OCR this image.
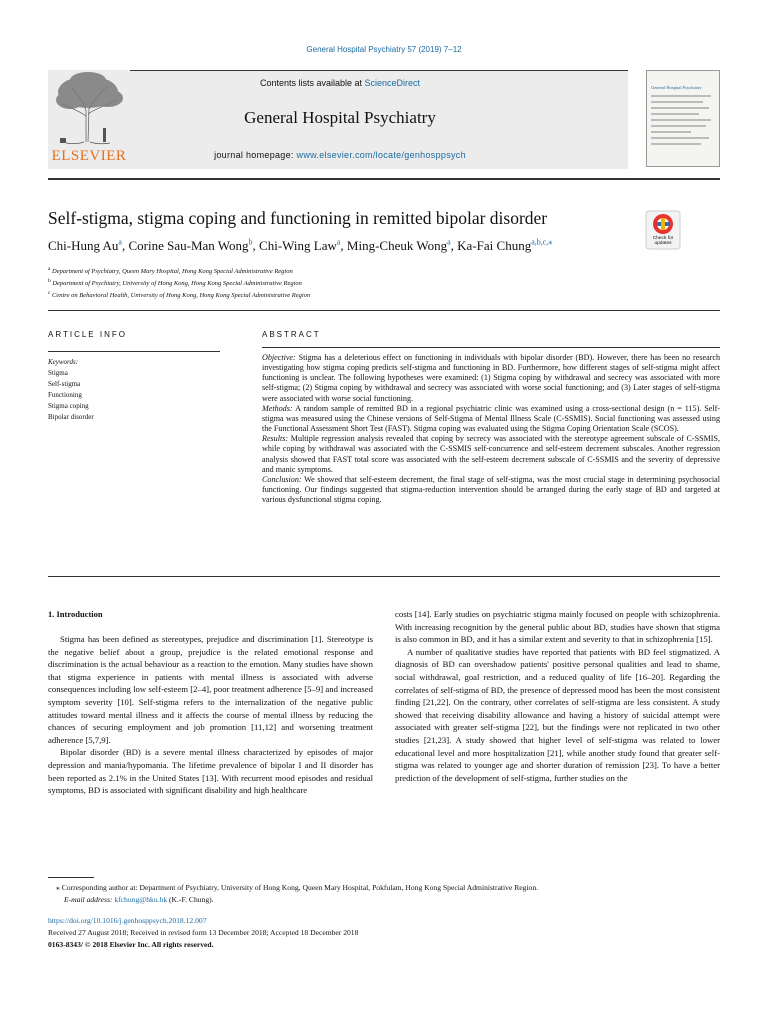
General Hospital Psychiatry 57 (2019) 7–12
ELSEVIER
Contents lists available at ScienceDirect
General Hospital Psychiatry
journal homepage: www.elsevier.com/locate/genhosppsych
General Hospital Psychiatry
Self-stigma, stigma coping and functioning in remitted bipolar disorder
Check for updates
Chi-Hung Au$^a$, Corine Sau-Man Wong$^b$, Chi-Wing Law$^a$, Ming-Cheuk Wong$^a$, Ka-Fai Chung$^{a,b,c,⁎}$
$^a$ Department of Psychiatry, Queen Mary Hospital, Hong Kong Special Administrative Region
$^b$ Department of Psychiatry, University of Hong Kong, Hong Kong Special Administrative Region
$^c$ Centre on Behavioral Health, University of Hong Kong, Hong Kong Special Administrative Region
ARTICLE INFO
Keywords:
Stigma
Self-stigma
Functioning
Stigma coping
Bipolar disorder
ABSTRACT

Objective: Stigma has a deleterious effect on functioning in individuals with bipolar disorder (BD). However, there has been no research investigating how stigma coping predicts self-stigma and functioning in BD. Furthermore, how different stages of self-stigma might affect functioning is unclear. The following hypotheses were examined: (1) Stigma coping by withdrawal and secrecy was associated with more self-stigma; (2) Stigma coping by withdrawal and secrecy was associated with worse social functioning; and (3) Later stages of self-stigma were associated with worse social functioning.

Methods: A random sample of remitted BD in a regional psychiatric clinic was examined using a cross-sectional design (n = 115). Self-stigma was measured using the Chinese versions of Self-Stigma of Mental Illness Scale (C-SSMIS). Social functioning was assessed using the Functional Assessment Short Test (FAST). Stigma coping was evaluated using the Stigma Coping Orientation Scale (SCOS).

Results: Multiple regression analysis revealed that coping by secrecy was associated with the stereotype agreement subscale of C-SSMIS, while coping by withdrawal was associated with the C-SSMIS self-concurrence and self-esteem decrement subscales. Another regression analysis showed that FAST total score was associated with the self-esteem decrement subscale of C-SSMIS and the severity of depressive and manic symptoms.

Conclusion: We showed that self-esteem decrement, the final stage of self-stigma, was the most crucial stage in determining psychosocial functioning. Our findings suggested that stigma-reduction intervention should be arranged during the early stage of BD and targeted at various dysfunctional stigma coping.

1. Introduction

Stigma has been defined as stereotypes, prejudice and discrimination [1]. Stereotype is the negative belief about a group, prejudice is the related emotional response and discrimination is the actual behaviour as a reaction to the emotion. Many studies have shown that stigma experience in patients with mental illness is associated with adverse consequences including low self-esteem [2–4], poor treatment adherence [5–9] and increased symptom severity [10]. Self-stigma refers to the internalization of the negative public attitudes toward mental illness and it affects the course of mental illness by reducing the chances of securing employment and job promotion [11,12] and worsening treatment adherence [5,7,9].

Bipolar disorder (BD) is a severe mental illness characterized by episodes of major depression and mania/hypomania. The lifetime prevalence of bipolar I and II disorder has been reported as 2.1% in the United States [13]. With recurrent mood episodes and residual symptoms, BD is associated with significant disability and high healthcare

costs [14]. Early studies on psychiatric stigma mainly focused on people with schizophrenia. With increasing recognition by the general public about BD, studies have shown that stigma is also common in BD, and it has a similar extent and severity to that in schizophrenia [15].

A number of qualitative studies have reported that patients with BD feel stigmatized. A diagnosis of BD can overshadow patients' positive personal qualities and lead to shame, social withdrawal, goal restriction, and a reduced quality of life [16–20]. Regarding the correlates of self-stigma of BD, the presence of depressed mood has been the most consistent finding [21,22]. On the contrary, other correlates of self-stigma are less consistent. A study showed that receiving disability allowance and having a history of suicidal attempt were associated with greater self-stigma [22], but the findings were not replicated in two other studies [21,23]. A study showed that higher level of self-stigma was related to lower educational level and more hospitalization [21], while another study found that greater self-stigma was related to younger age and shorter duration of remission [23]. To have a better prediction of the development of self-stigma, further studies on the

⁎ Corresponding author at: Department of Psychiatry, University of Hong Kong, Queen Mary Hospital, Pokfulam, Hong Kong Special Administrative Region.
E-mail address: kfchung@hku.hk (K.-F. Chung).
https://doi.org/10.1016/j.genhosppsych.2018.12.007
Received 27 August 2018; Received in revised form 13 December 2018; Accepted 18 December 2018
0163-8343/ © 2018 Elsevier Inc. All rights reserved.
